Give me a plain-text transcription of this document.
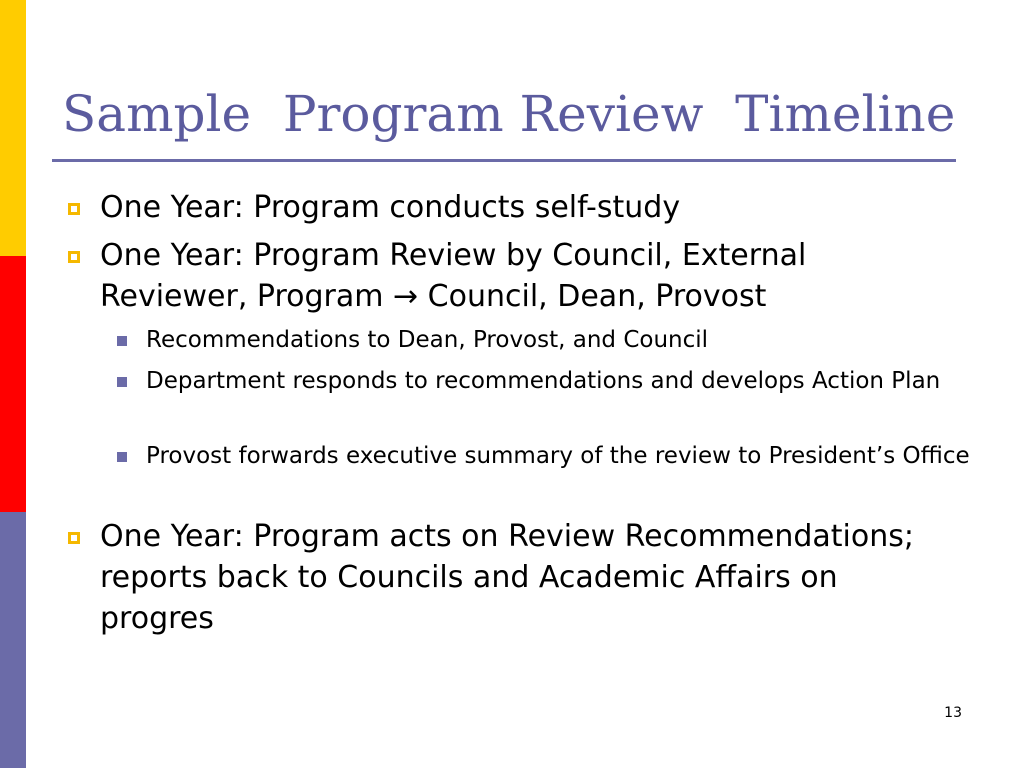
Sample  Program Review  Timeline
One Year: Program conducts self-study
One Year: Program Review by Council, External Reviewer, Program → Council, Dean, Provost
Recommendations to Dean, Provost, and Council
Department responds to recommendations and develops Action Plan
Provost forwards executive summary of the review to President’s Office
One Year: Program acts on Review Recommendations; reports back to Councils and Academic Affairs on progres
13
